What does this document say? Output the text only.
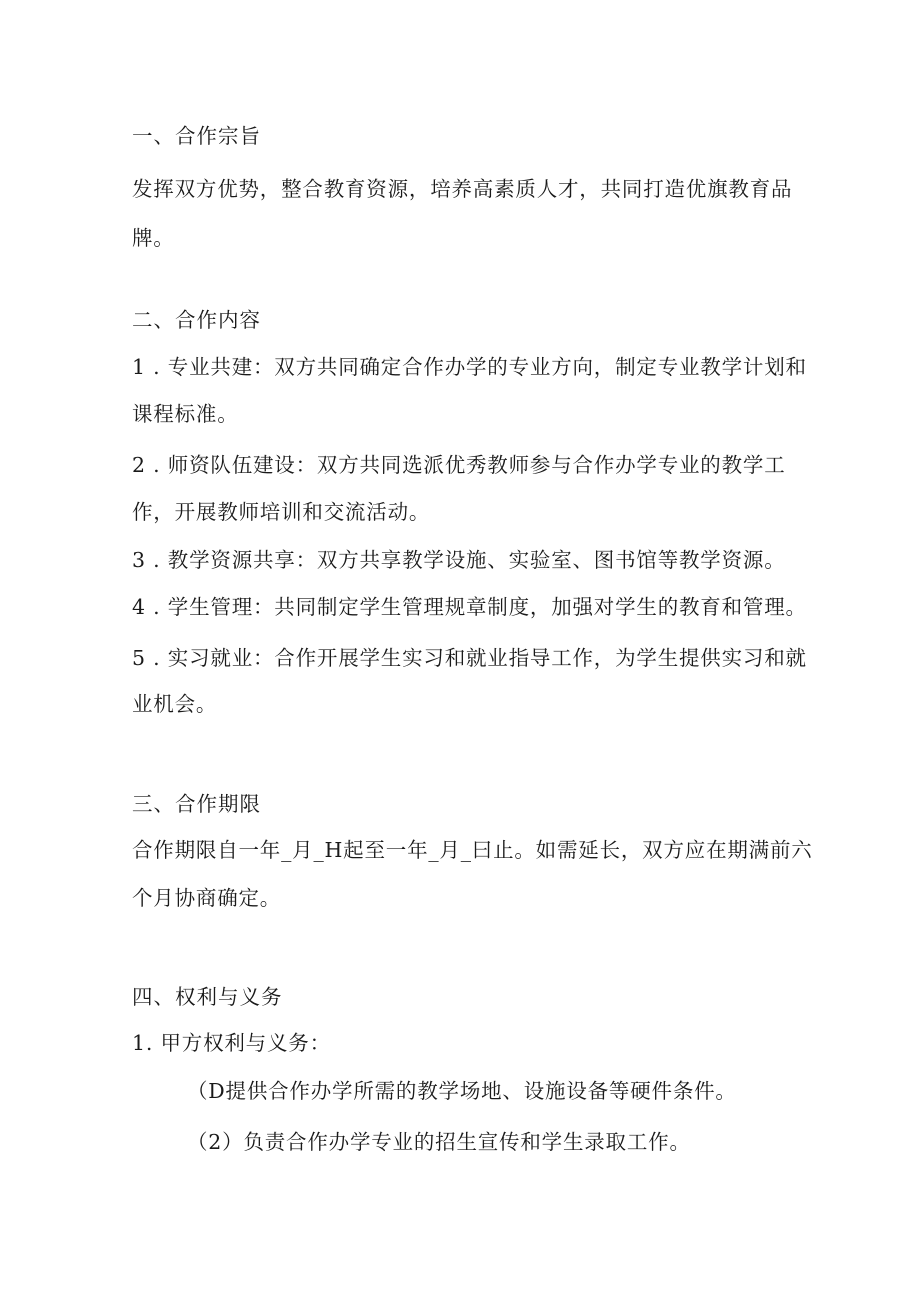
一、合作宗旨

发挥双方优势，整合教育资源，培养高素质人才，共同打造优旗教育品

牌。

二、合作内容

1 . 专业共建：双方共同确定合作办学的专业方向，制定专业教学计划和

课程标准。

2 . 师资队伍建设：双方共同选派优秀教师参与合作办学专业的教学工

作，开展教师培训和交流活动。

3 . 教学资源共享：双方共享教学设施、实验室、图书馆等教学资源。

4 . 学生管理：共同制定学生管理规章制度，加强对学生的教育和管理。

5 . 实习就业：合作开展学生实习和就业指导工作，为学生提供实习和就

业机会。

三、合作期限

合作期限自一年_月_H起至一年_月_曰止。如需延长，双方应在期满前六

个月协商确定。

四、权利与义务

1. 甲方权利与义务：

（D提供合作办学所需的教学场地、设施设备等硬件条件。

（2）负责合作办学专业的招生宣传和学生录取工作。
